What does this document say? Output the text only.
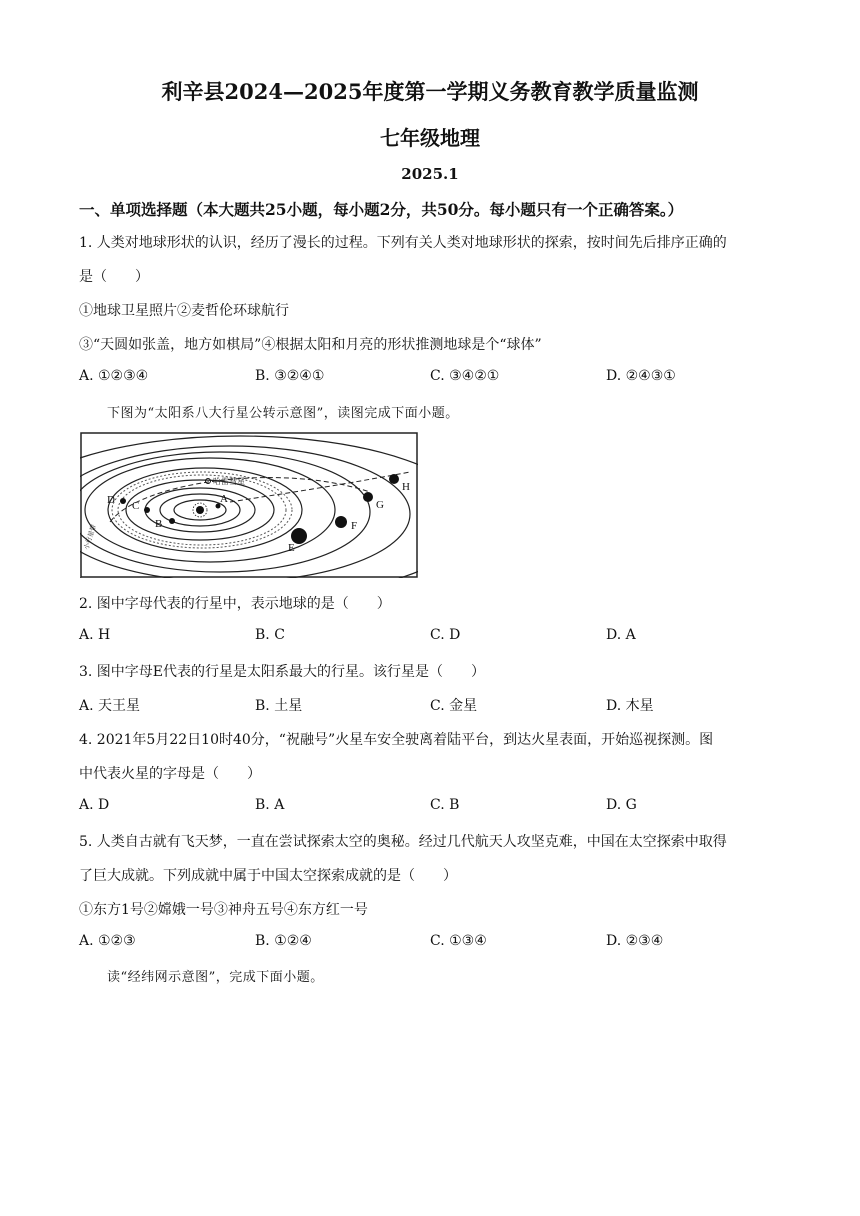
利辛县2024—2025年度第一学期义务教育教学质量监测
七年级地理
2025.1
一、单项选择题（本大题共25小题，每小题2分，共50分。每小题只有一个正确答案。）
1. 人类对地球形状的认识，经历了漫长的过程。下列有关人类对地球形状的探索，按时间先后排序正确的
是（　　）
①地球卫星照片②麦哲伦环球航行
③“天圆如张盖，地方如棋局”④根据太阳和月亮的形状推测地球是个“球体”
A. ①②③④	B. ③②④①	C. ③④②①	D. ②④③①
下图为“太阳系八大行星公转示意图”，读图完成下面小题。
哈雷彗星
小行星带
A
B
C
D
E
F
G
H
2. 图中字母代表的行星中，表示地球的是（　　）
A. H	B. C	C. D	D. A
3. 图中字母E代表的行星是太阳系最大的行星。该行星是（　　）
A. 天王星	B. 土星	C. 金星	D. 木星
4. 2021年5月22日10时40分，“祝融号”火星车安全驶离着陆平台，到达火星表面，开始巡视探测。图
中代表火星的字母是（　　）
A. D	B. A	C. B	D. G
5. 人类自古就有飞天梦，一直在尝试探索太空的奥秘。经过几代航天人攻坚克难，中国在太空探索中取得
了巨大成就。下列成就中属于中国太空探索成就的是（　　）
①东方1号②嫦娥一号③神舟五号④东方红一号
A. ①②③	B. ①②④	C. ①③④	D. ②③④
读“经纬网示意图”，完成下面小题。
